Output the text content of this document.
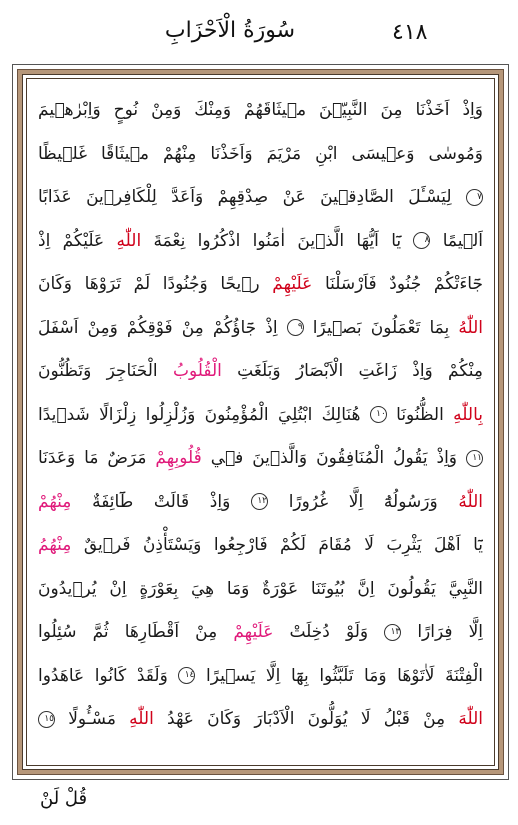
سُورَةُ الْاَحْزَابِ	٤١٨
وَاِذْ اَخَذْنَا مِنَ النَّبِيّٖنَ مٖيثَاقَهُمْ وَمِنْكَ وَمِنْ نُوحٍ وَاِبْرٰهٖيمَ
وَمُوسٰى وَعٖيسَى ابْنِ مَرْيَمَ وَاَخَذْنَا مِنْهُمْ مٖيثَاقًا غَلٖيظًا
٧ لِيَسْـَٔلَ الصَّادِقٖينَ عَنْ صِدْقِهِمْ وَاَعَدَّ لِلْكَافِرٖينَ عَذَابًا
اَلٖيمًا ٨ يَٓا اَيُّهَا الَّذٖينَ اٰمَنُوا اذْكُرُوا نِعْمَةَ اللّٰهِ عَلَيْكُمْ اِذْ
جَٓاءَتْكُمْ جُنُودٌ فَاَرْسَلْنَا عَلَيْهِمْ رٖيحًا وَجُنُودًا لَمْ تَرَوْهَا وَكَانَ
اللّٰهُ بِمَا تَعْمَلُونَ بَصٖيرًا ٩ اِذْ جَٓاؤُكُمْ مِنْ فَوْقِكُمْ وَمِنْ اَسْفَلَ
مِنْكُمْ وَاِذْ زَاغَتِ الْاَبْصَارُ وَبَلَغَتِ الْقُلُوبُ الْحَنَاجِرَ وَتَظُنُّونَ
بِاللّٰهِ الظُّنُونَا ١٠ هُنَالِكَ ابْتُلِيَ الْمُؤْمِنُونَ وَزُلْزِلُوا زِلْزَالًا شَدٖيدًا
١١ وَاِذْ يَقُولُ الْمُنَافِقُونَ وَالَّذٖينَ فٖي قُلُوبِهِمْ مَرَضٌ مَا وَعَدَنَا
اللّٰهُ وَرَسُولُهُٓ اِلَّا غُرُورًا ١٢ وَاِذْ قَالَتْ طَٓائِفَةٌ مِنْهُمْ
يَٓا اَهْلَ يَثْرِبَ لَا مُقَامَ لَكُمْ فَارْجِعُوا وَيَسْتَأْذِنُ فَرٖيقٌ مِنْهُمُ
النَّبِيَّ يَقُولُونَ اِنَّ بُيُوتَنَا عَوْرَةٌ وَمَا هِيَ بِعَوْرَةٍ اِنْ يُرٖيدُونَ
اِلَّا فِرَارًا ١٣ وَلَوْ دُخِلَتْ عَلَيْهِمْ مِنْ اَقْطَارِهَا ثُمَّ سُئِلُوا
الْفِتْنَةَ لَاٰتَوْهَا وَمَا تَلَبَّثُوا بِهَٓا اِلَّا يَسٖيرًا ١٤ وَلَقَدْ كَانُوا عَاهَدُوا
اللّٰهَ مِنْ قَبْلُ لَا يُوَلُّونَ الْاَدْبَارَ وَكَانَ عَهْدُ اللّٰهِ مَسْـُٔولًا ١٥
قُلْ لَنْ
